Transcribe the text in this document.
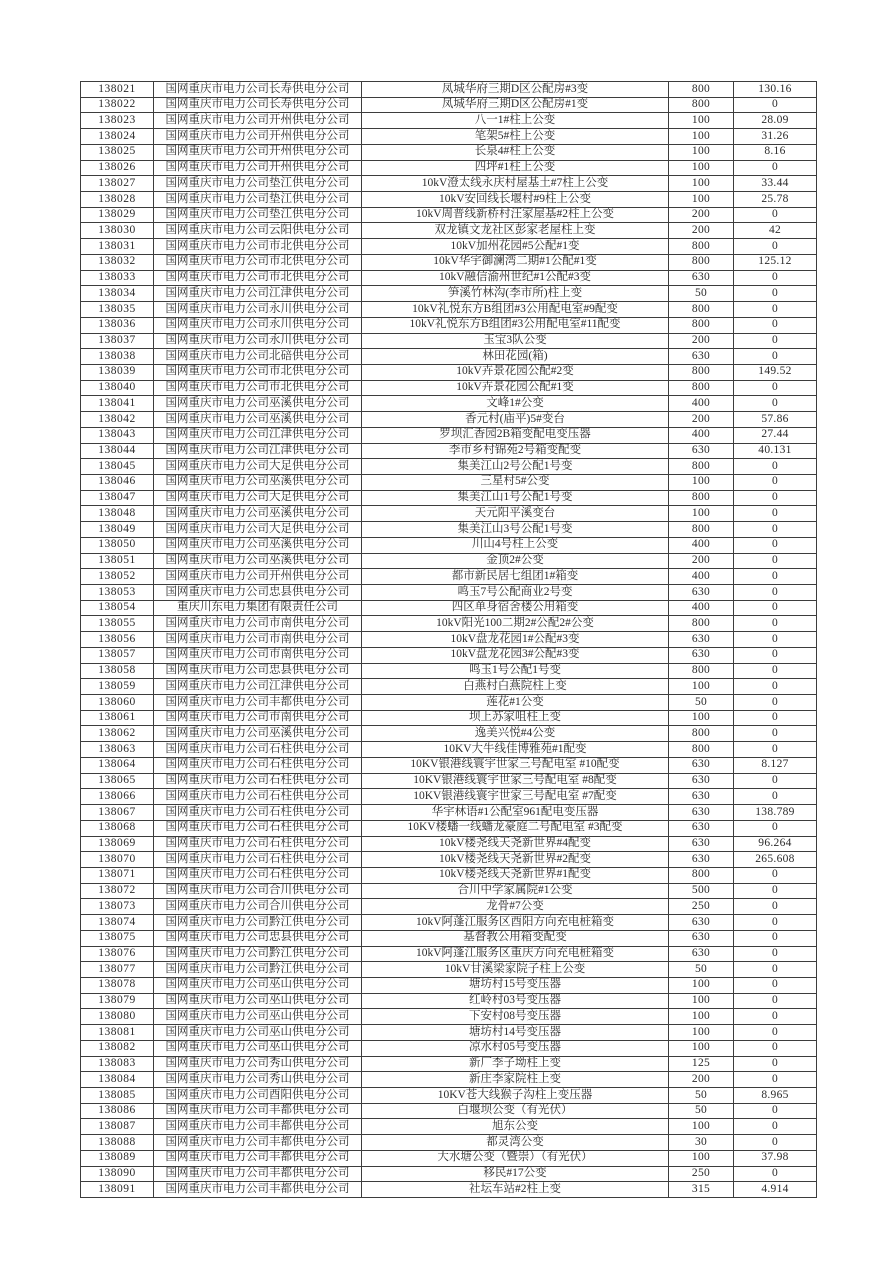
138021	国网重庆市电力公司长寿供电分公司	凤城华府三期D区公配房#3变	800	130.16
138022	国网重庆市电力公司长寿供电分公司	凤城华府三期D区公配房#1变	800	0
138023	国网重庆市电力公司开州供电分公司	八一1#柱上公变	100	28.09
138024	国网重庆市电力公司开州供电分公司	笔架5#柱上公变	100	31.26
138025	国网重庆市电力公司开州供电分公司	长泉4#柱上公变	100	8.16
138026	国网重庆市电力公司开州供电分公司	四坪#1柱上公变	100	0
138027	国网重庆市电力公司垫江供电分公司	10kV澄太线永庆村屋基土#7柱上公变	100	33.44
138028	国网重庆市电力公司垫江供电分公司	10kV安回线长堰村#9柱上公变	100	25.78
138029	国网重庆市电力公司垫江供电分公司	10kV周普线新桥村汪家屋基#2柱上公变	200	0
138030	国网重庆市电力公司云阳供电分公司	双龙镇文龙社区彭家老屋柱上变	200	42
138031	国网重庆市电力公司市北供电分公司	10kV加州花园#5公配#1变	800	0
138032	国网重庆市电力公司市北供电分公司	10kV华宇御澜湾二期#1公配#1变	800	125.12
138033	国网重庆市电力公司市北供电分公司	10kV融信渝州世纪#1公配#3变	630	0
138034	国网重庆市电力公司江津供电分公司	笋溪竹林沟(李市所)柱上变	50	0
138035	国网重庆市电力公司永川供电分公司	10kV礼悦东方B组团#3公用配电室#9配变	800	0
138036	国网重庆市电力公司永川供电分公司	10kV礼悦东方B组团#3公用配电室#11配变	800	0
138037	国网重庆市电力公司永川供电分公司	玉宝3队公变	200	0
138038	国网重庆市电力公司北碚供电分公司	林田花园(箱)	630	0
138039	国网重庆市电力公司市北供电分公司	10kV卉景花园公配#2变	800	149.52
138040	国网重庆市电力公司市北供电分公司	10kV卉景花园公配#1变	800	0
138041	国网重庆市电力公司巫溪供电分公司	文峰1#公变	400	0
138042	国网重庆市电力公司巫溪供电分公司	香元村(庙平)5#变台	200	57.86
138043	国网重庆市电力公司江津供电分公司	罗坝汇香园2B箱变配电变压器	400	27.44
138044	国网重庆市电力公司江津供电分公司	李市乡村锦苑2号箱变配变	630	40.131
138045	国网重庆市电力公司大足供电分公司	集美江山2号公配1号变	800	0
138046	国网重庆市电力公司巫溪供电分公司	三星村5#公变	100	0
138047	国网重庆市电力公司大足供电分公司	集美江山1号公配1号变	800	0
138048	国网重庆市电力公司巫溪供电分公司	天元阳平溪变台	100	0
138049	国网重庆市电力公司大足供电分公司	集美江山3号公配1号变	800	0
138050	国网重庆市电力公司巫溪供电分公司	川山4号柱上公变	400	0
138051	国网重庆市电力公司巫溪供电分公司	金顶2#公变	200	0
138052	国网重庆市电力公司开州供电分公司	都市新民居七组团1#箱变	400	0
138053	国网重庆市电力公司忠县供电分公司	鸣玉7号公配商业2号变	630	0
138054	重庆川东电力集团有限责任公司	四区单身宿舍楼公用箱变	400	0
138055	国网重庆市电力公司市南供电分公司	10kV阳光100二期2#公配2#公变	800	0
138056	国网重庆市电力公司市南供电分公司	10kV盘龙花园1#公配#3变	630	0
138057	国网重庆市电力公司市南供电分公司	10kV盘龙花园3#公配#3变	630	0
138058	国网重庆市电力公司忠县供电分公司	鸣玉1号公配1号变	800	0
138059	国网重庆市电力公司江津供电分公司	白燕村白燕院柱上变	100	0
138060	国网重庆市电力公司丰都供电分公司	莲花#1公变	50	0
138061	国网重庆市电力公司市南供电分公司	坝上苏家咀柱上变	100	0
138062	国网重庆市电力公司巫溪供电分公司	逸美兴悦#4公变	800	0
138063	国网重庆市电力公司石柱供电分公司	10KV大牛线佳博雅苑#1配变	800	0
138064	国网重庆市电力公司石柱供电分公司	10KV银港线寰宇世家三号配电室 #10配变	630	8.127
138065	国网重庆市电力公司石柱供电分公司	10KV银港线寰宇世家三号配电室 #8配变	630	0
138066	国网重庆市电力公司石柱供电分公司	10KV银港线寰宇世家三号配电室 #7配变	630	0
138067	国网重庆市电力公司石柱供电分公司	华宇林语#1公配室961配电变压器	630	138.789
138068	国网重庆市电力公司石柱供电分公司	10KV楼蟠一线蟠龙豪庭二号配电室 #3配变	630	0
138069	国网重庆市电力公司石柱供电分公司	10kV楼尧线天尧新世界#4配变	630	96.264
138070	国网重庆市电力公司石柱供电分公司	10kV楼尧线天尧新世界#2配变	630	265.608
138071	国网重庆市电力公司石柱供电分公司	10kV楼尧线天尧新世界#1配变	800	0
138072	国网重庆市电力公司合川供电分公司	合川中学家属院#1公变	500	0
138073	国网重庆市电力公司合川供电分公司	龙骨#7公变	250	0
138074	国网重庆市电力公司黔江供电分公司	10kV阿蓬江服务区酉阳方向充电桩箱变	630	0
138075	国网重庆市电力公司忠县供电分公司	基督教公用箱变配变	630	0
138076	国网重庆市电力公司黔江供电分公司	10kV阿蓬江服务区重庆方向充电桩箱变	630	0
138077	国网重庆市电力公司黔江供电分公司	10kV甘溪梁家院子柱上公变	50	0
138078	国网重庆市电力公司巫山供电分公司	塘坊村15号变压器	100	0
138079	国网重庆市电力公司巫山供电分公司	红岭村03号变压器	100	0
138080	国网重庆市电力公司巫山供电分公司	下安村08号变压器	100	0
138081	国网重庆市电力公司巫山供电分公司	塘坊村14号变压器	100	0
138082	国网重庆市电力公司巫山供电分公司	凉水村05号变压器	100	0
138083	国网重庆市电力公司秀山供电分公司	新厂李子坳柱上变	125	0
138084	国网重庆市电力公司秀山供电分公司	新庄李家院柱上变	200	0
138085	国网重庆市电力公司酉阳供电分公司	10KV苍大线猴子沟柱上变压器	50	8.965
138086	国网重庆市电力公司丰都供电分公司	白堰坝公变（有光伏）	50	0
138087	国网重庆市电力公司丰都供电分公司	旭东公变	100	0
138088	国网重庆市电力公司丰都供电分公司	都灵湾公变	30	0
138089	国网重庆市电力公司丰都供电分公司	大水塘公变（暨崇）（有光伏）	100	37.98
138090	国网重庆市电力公司丰都供电分公司	移民#17公变	250	0
138091	国网重庆市电力公司丰都供电分公司	社坛车站#2柱上变	315	4.914
